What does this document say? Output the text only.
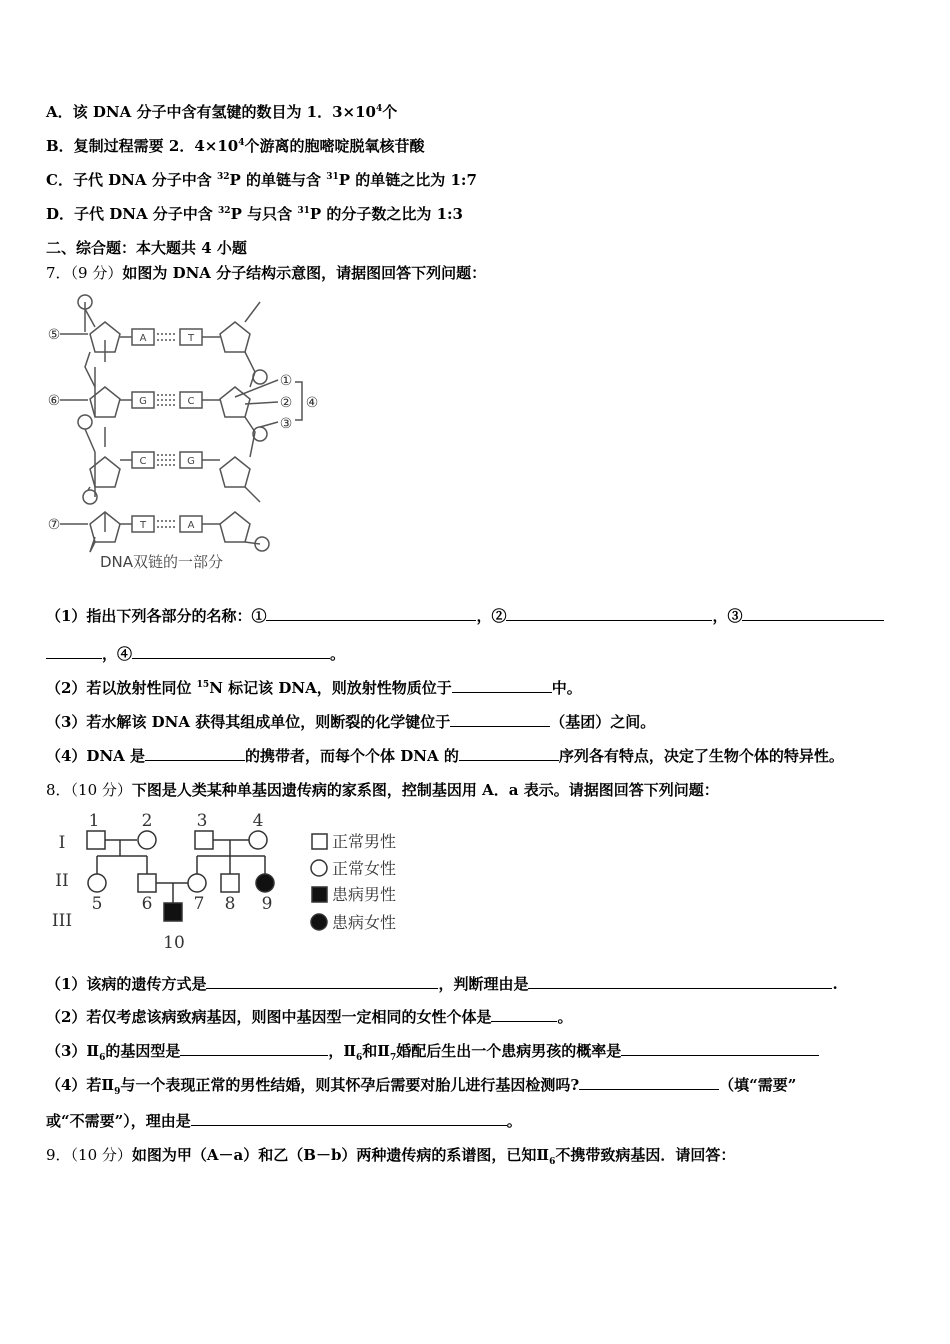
A．该 DNA 分子中含有氢键的数目为 1．$3\times 10^4$个
B．复制过程需要 2．$4\times 10^4$个游离的胞嘧啶脱氧核苷酸
C．子代 DNA 分子中含 $^{32}$P 的单链与含 $^{31}$P 的单链之比为 1:7
D．子代 DNA 分子中含 $^{32}$P 与只含 $^{31}$P 的分子数之比为 1:3
二、综合题：本大题共 4 小题
7．（9 分）如图为 DNA 分子结构示意图，请据图回答下列问题：
A	T
G	C
C	G
T	A
⑤
⑥
⑦
①
②
③
④
DNA双链的一部分
（1）指出下列各部分的名称：①	，②	，③
，④	。
（2）若以放射性同位 $^{15}$N 标记该 DNA，则放射性物质位于	中。
（3）若水解该 DNA 获得其组成单位，则断裂的化学键位于	（基团）之间。
（4）DNA 是	的携带者，而每个个体 DNA 的	序列各有特点，决定了生物个体的特异性。
8．（10 分）下图是人类某种单基因遗传病的家系图，控制基因用 A．a 表示。请据图回答下列问题：
I
II
III
1 2	3	4
5 6 7 8 9
10
正常男性
正常女性
患病男性
患病女性
（1）该病的遗传方式是	，判断理由是	.
（2）若仅考虑该病致病基因，则图中基因型一定相同的女性个体是	。
$(3)Ⅱ_6$的基因型是	，$Ⅱ_6$和$Ⅱ_7$婚配后生出一个患病男孩的概率是
（4）若$Ⅱ_9$与一个表现正常的男性结婚，则其怀孕后需要对胎儿进行基因检测吗?	（填“需要”
或“不需要”），理由是	。
9．（10 分）如图为甲（A－a）和乙（B－b）两种遗传病的系谱图，已知$Ⅱ_6$不携带致病基因．请回答：
